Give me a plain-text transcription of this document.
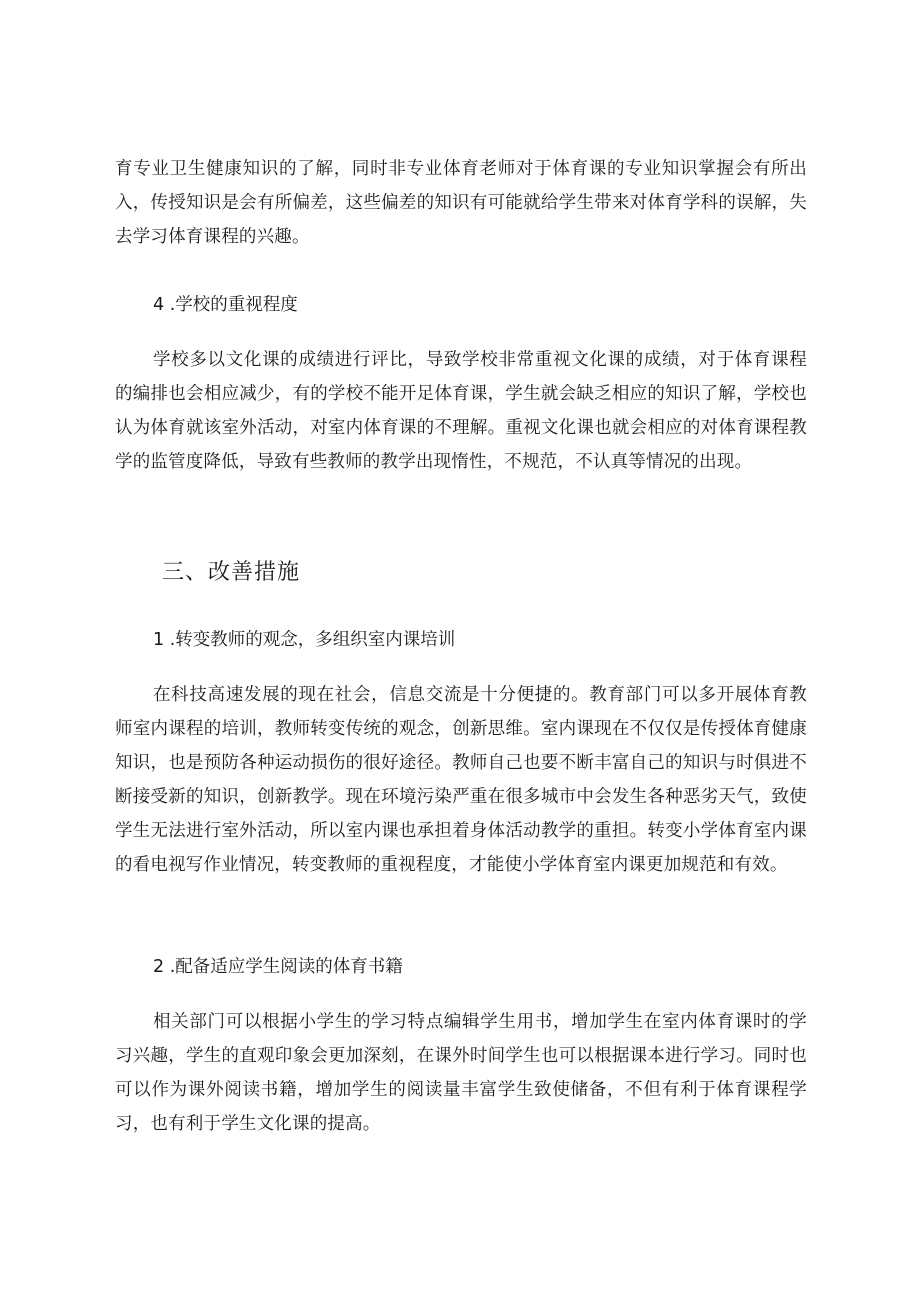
育专业卫生健康知识的了解，同时非专业体育老师对于体育课的专业知识掌握会有所出入，传授知识是会有所偏差，这些偏差的知识有可能就给学生带来对体育学科的误解，失去学习体育课程的兴趣。

4 .学校的重视程度

学校多以文化课的成绩进行评比，导致学校非常重视文化课的成绩，对于体育课程的编排也会相应减少，有的学校不能开足体育课，学生就会缺乏相应的知识了解，学校也认为体育就该室外活动，对室内体育课的不理解。重视文化课也就会相应的对体育课程教学的监管度降低，导致有些教师的教学出现惰性，不规范，不认真等情况的出现。

三、改善措施

1 .转变教师的观念，多组织室内课培训

在科技高速发展的现在社会，信息交流是十分便捷的。教育部门可以多开展体育教师室内课程的培训，教师转变传统的观念，创新思维。室内课现在不仅仅是传授体育健康知识，也是预防各种运动损伤的很好途径。教师自己也要不断丰富自己的知识与时俱进不断接受新的知识，创新教学。现在环境污染严重在很多城市中会发生各种恶劣天气，致使学生无法进行室外活动，所以室内课也承担着身体活动教学的重担。转变小学体育室内课的看电视写作业情况，转变教师的重视程度，才能使小学体育室内课更加规范和有效。

2 .配备适应学生阅读的体育书籍

相关部门可以根据小学生的学习特点编辑学生用书，增加学生在室内体育课时的学习兴趣，学生的直观印象会更加深刻，在课外时间学生也可以根据课本进行学习。同时也可以作为课外阅读书籍，增加学生的阅读量丰富学生致使储备，不但有利于体育课程学习，也有利于学生文化课的提高。
